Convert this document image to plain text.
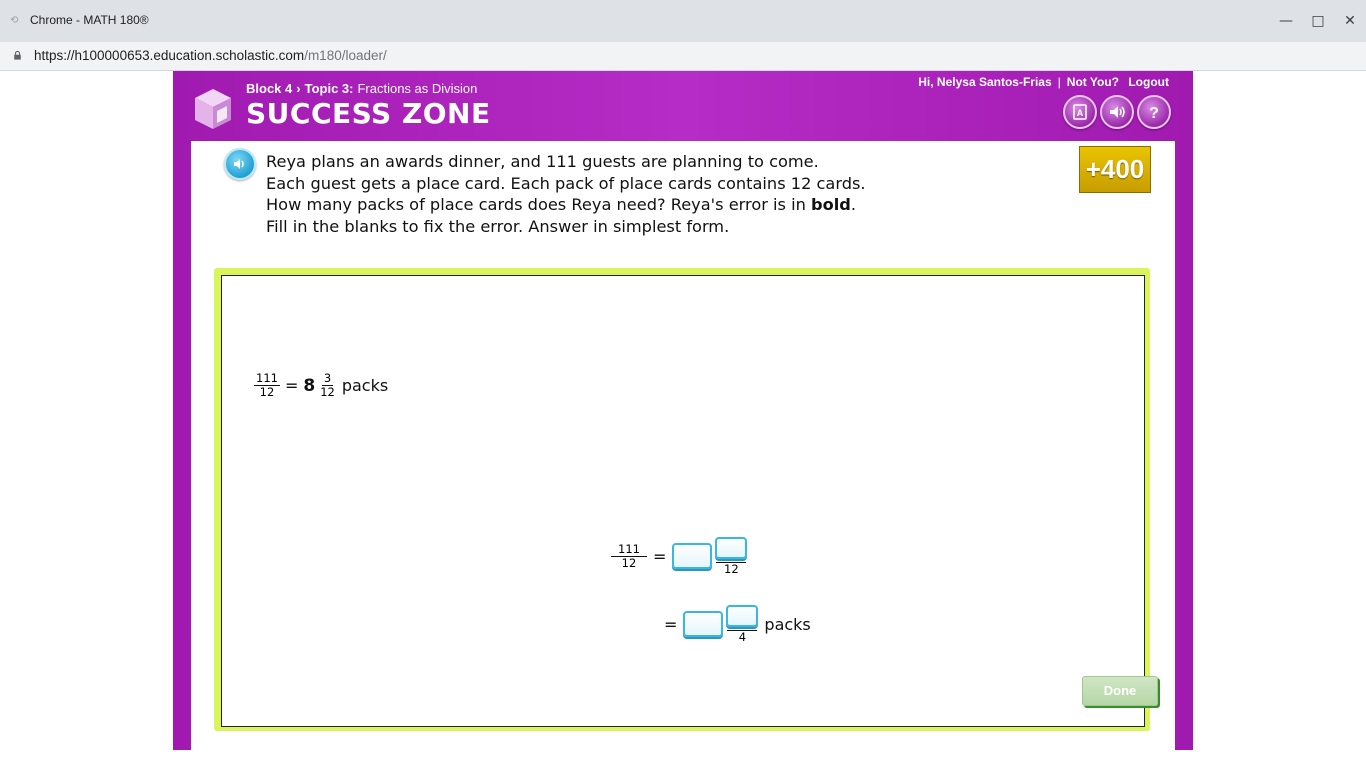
⟲ Chrome - MATH 180®	—	□	✕
https://h100000653.education.scholastic.com/m180/loader/
Block 4 › Topic 3: Fractions as Division
SUCCESS ZONE
Hi, Nelysa Santos-Frias | Not You? Logout
A	?
Reya plans an awards dinner, and 111 guests are planning to come.
Each guest gets a place card. Each pack of place cards contains 12 cards.
How many packs of place cards does Reya need? Reya's error is in bold.
Fill in the blanks to fix the error. Answer in simplest form.
+400
$\frac{111}{12} = 8 \frac{3}{12}$ packs
$\frac{111}{12}$ =
12
=
4
packs
Done
